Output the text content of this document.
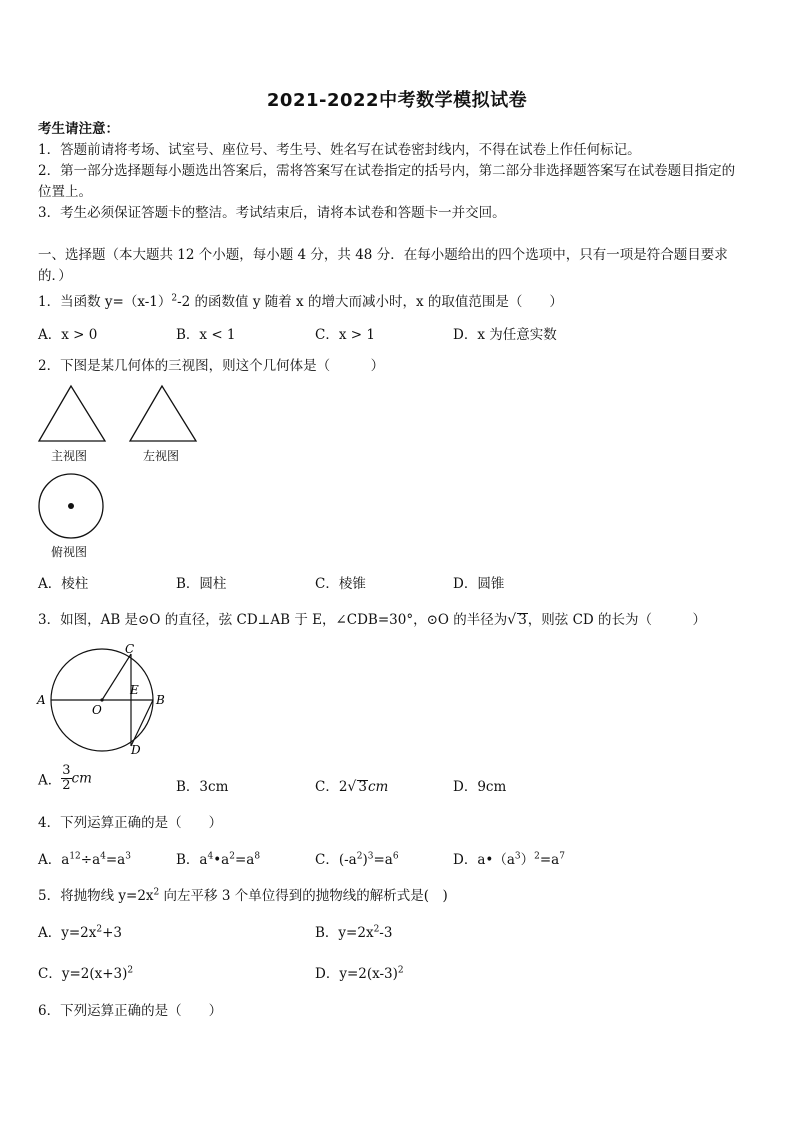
2021-2022中考数学模拟试卷
考生请注意：
1．答题前请将考场、试室号、座位号、考生号、姓名写在试卷密封线内，不得在试卷上作任何标记。
2．第一部分选择题每小题选出答案后，需将答案写在试卷指定的括号内，第二部分非选择题答案写在试卷题目指定的
位置上。
3．考生必须保证答题卡的整洁。考试结束后，请将本试卷和答题卡一并交回。
一、选择题（本大题共 12 个小题，每小题 4 分，共 48 分．在每小题给出的四个选项中，只有一项是符合题目要求
的．）
1．当函数 $y=(x-1)^2-2$ 的函数值 y 随着 x 的增大而减小时，x 的取值范围是（　　）
A．x > 0	B．x < 1	C．x > 1	D．x 为任意实数
2．下图是某几何体的三视图，则这个几何体是（　　　）
主视图	左视图
俯视图
A．棱柱	B．圆柱	C．棱锥	D．圆锥
3．如图，AB 是⊙O 的直径，弦 CD⊥AB 于 E，∠CDB=30°，⊙O 的半径为√ 3，则弦 CD 的长为（　　　）
A	B
C
D
E
O
A． $\frac{3}{2}$ cm
B．3cm	C．2√ 3cm	D．9cm
4．下列运算正确的是（　　）
A．$a^{12}\div a^4=a^3$	B．$a^4•a^2=a^8$	C．$(-a^2)^3=a^6$	D．$a•(a^3)^2=a^7$
5．将抛物线 $y=2x^2$ 向左平移 3 个单位得到的抛物线的解析式是(　)
A．$y=2x^2+3$	B．$y=2x^2-3$
C．$y=2(x+3)^2$	D．$y=2(x-3)^2$
6．下列运算正确的是（　　）
